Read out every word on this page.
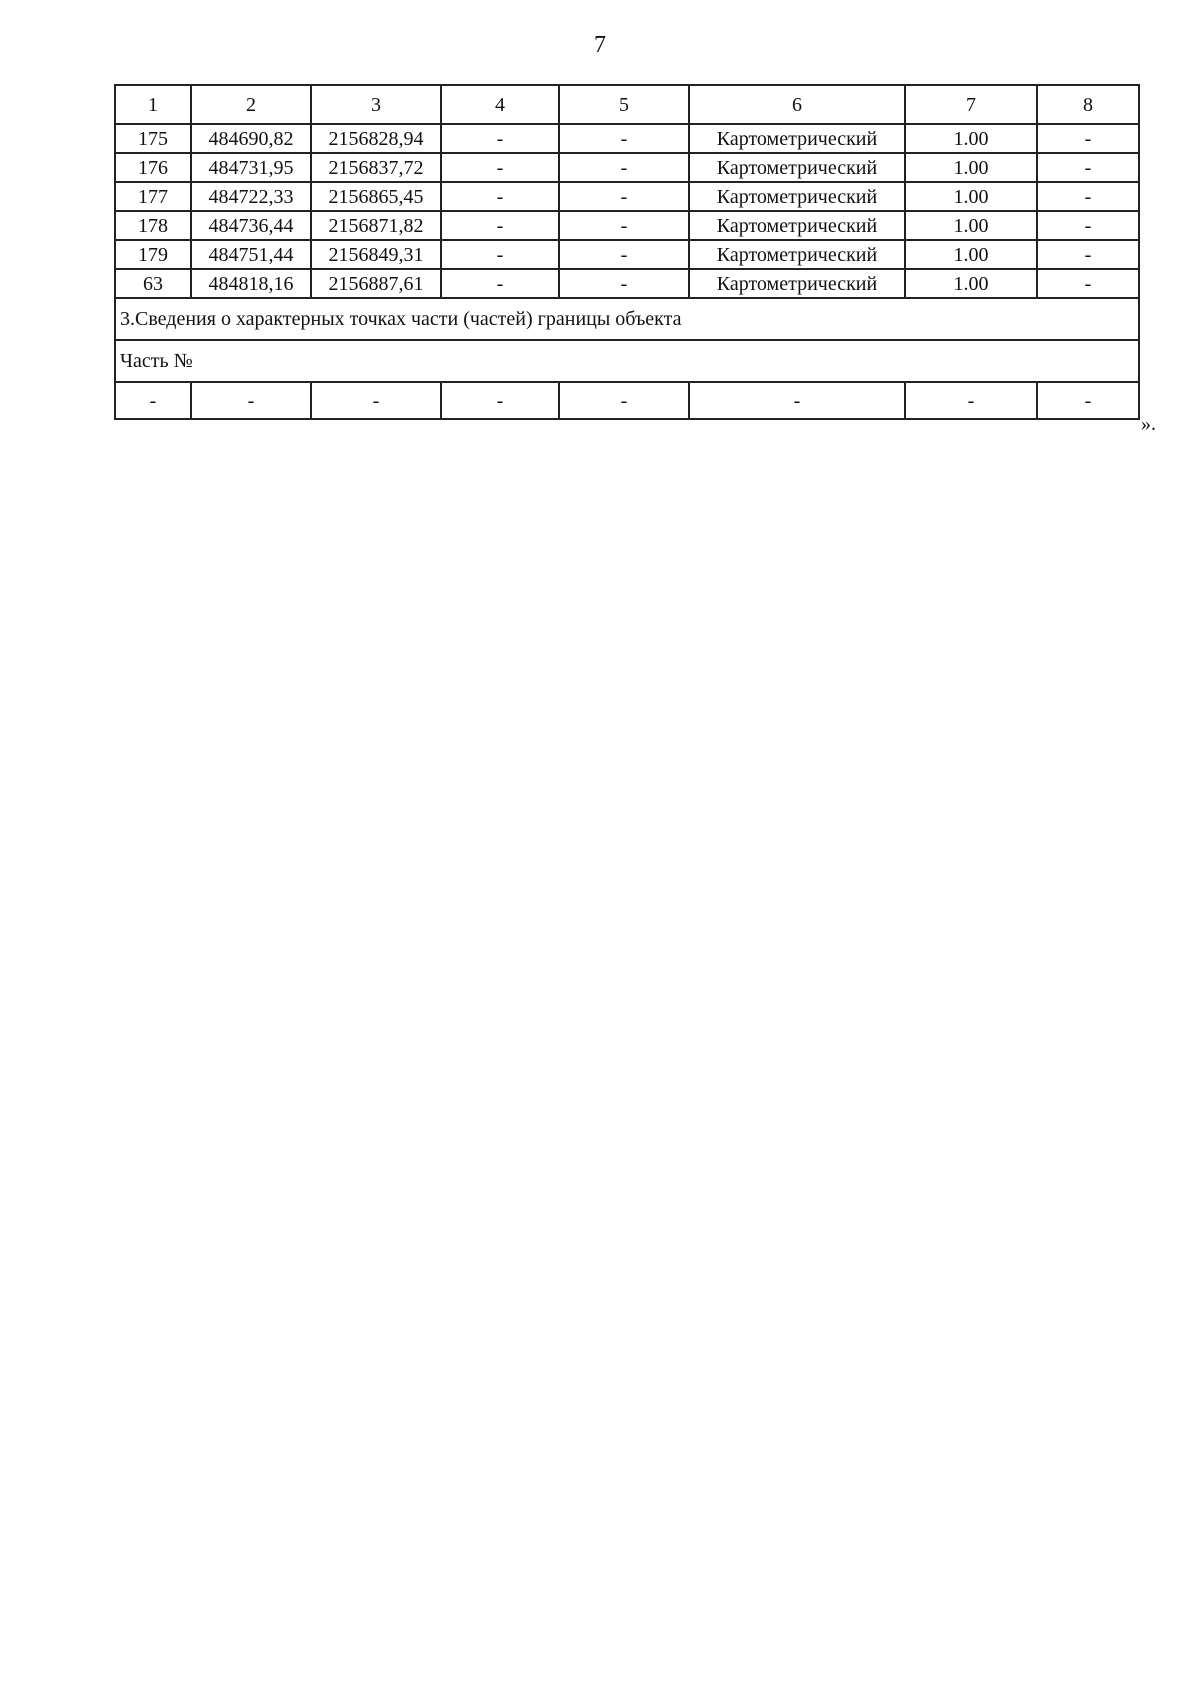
7
1	2	3	4	5	6	7	8
175	484690,82	2156828,94	-	-	Картометрический	1.00	-
176	484731,95	2156837,72	-	-	Картометрический	1.00	-
177	484722,33	2156865,45	-	-	Картометрический	1.00	-
178	484736,44	2156871,82	-	-	Картометрический	1.00	-
179	484751,44	2156849,31	-	-	Картометрический	1.00	-
63	484818,16	2156887,61	-	-	Картометрический	1.00	-
3.Сведения о характерных точках части (частей) границы объекта							
Часть №							
-	-	-	-	-	-	-	-
».
